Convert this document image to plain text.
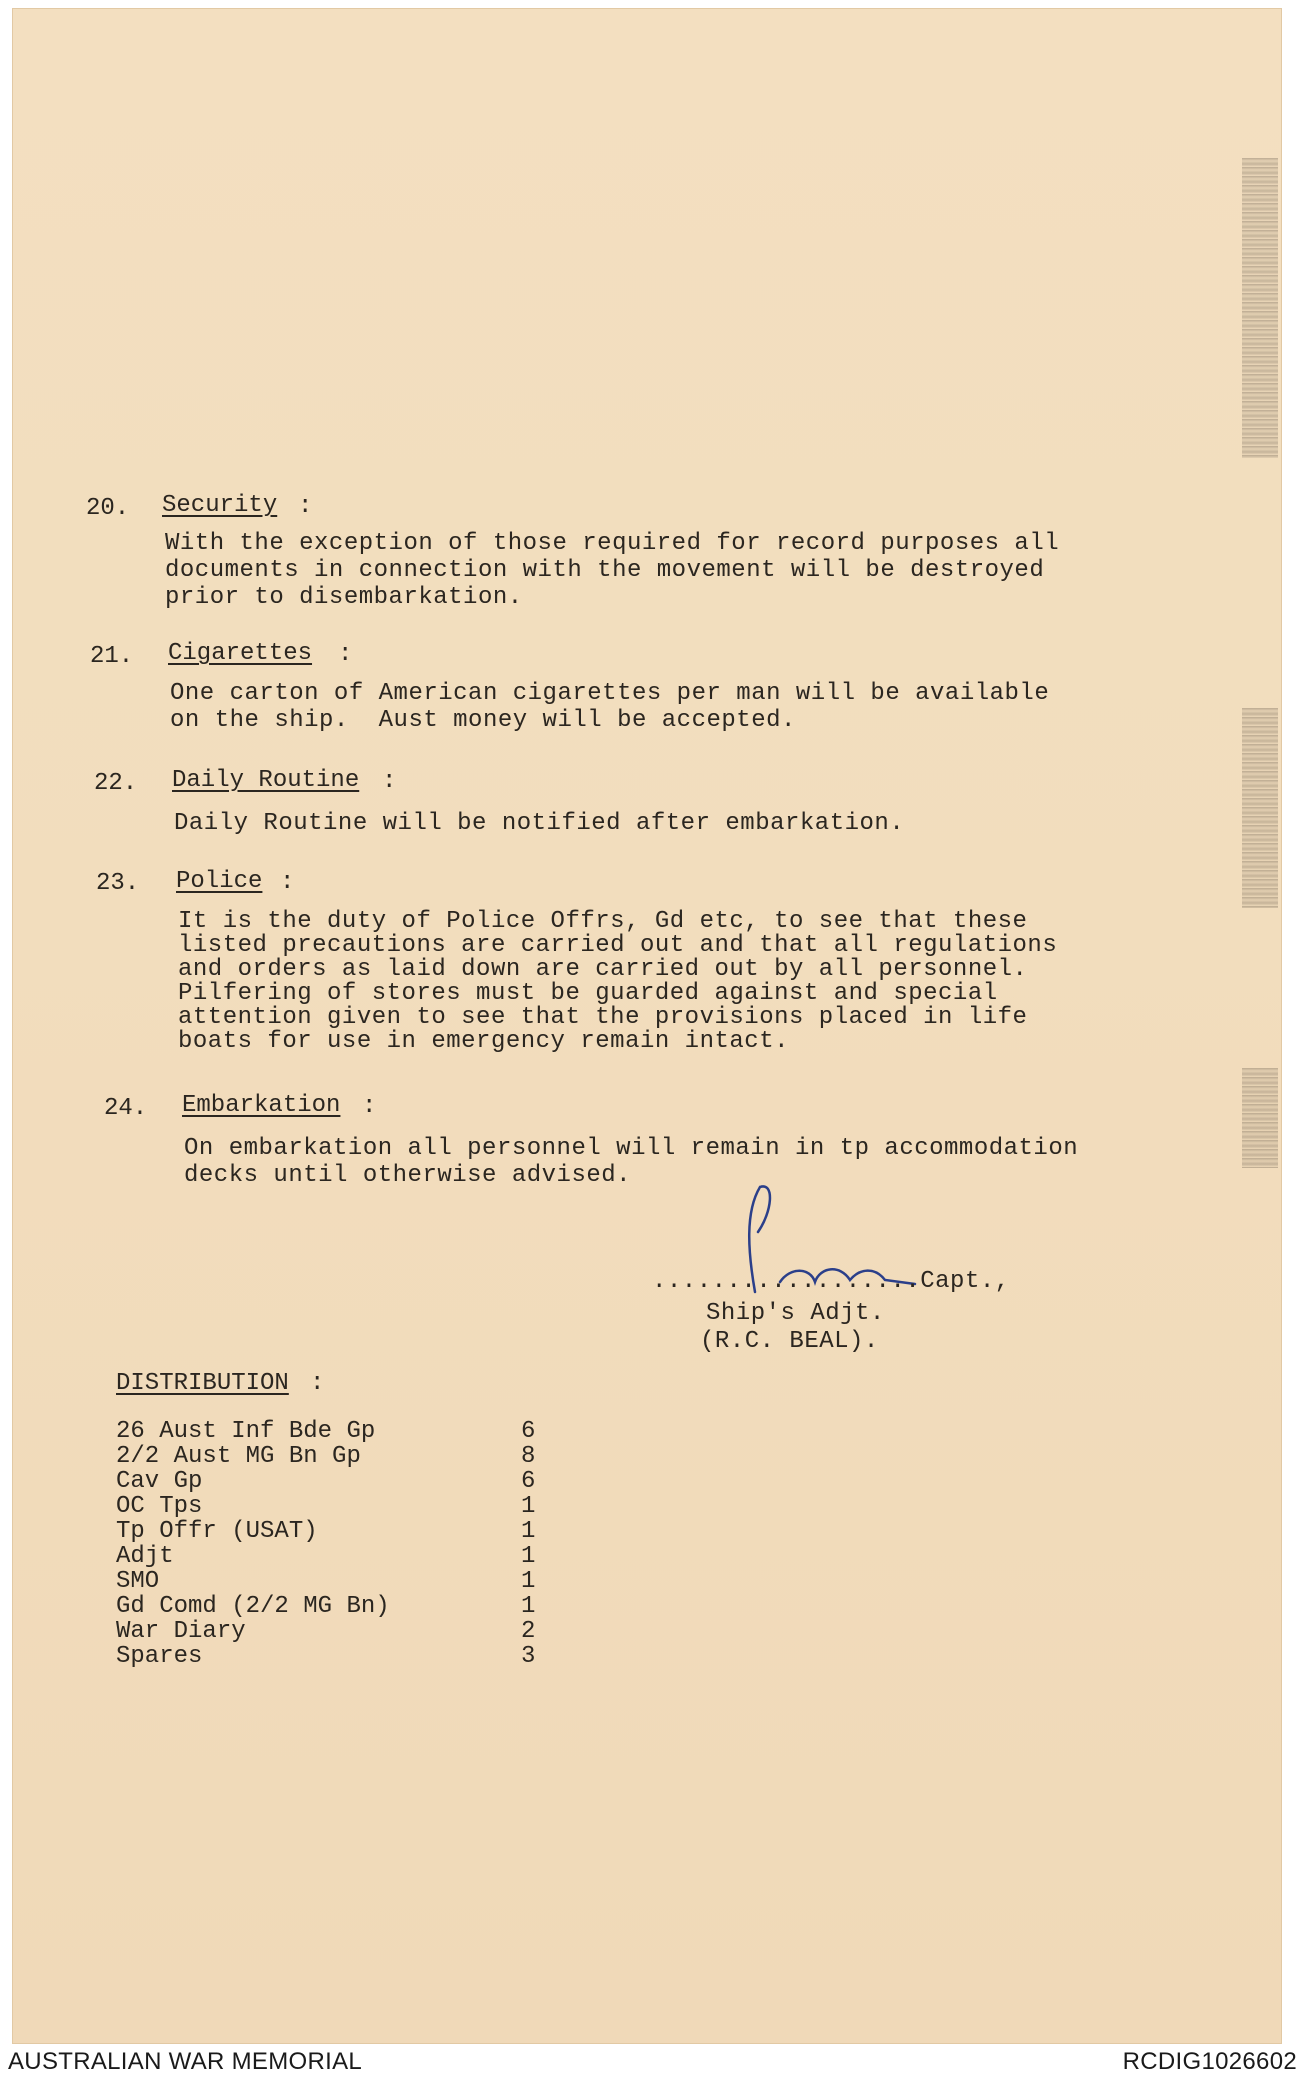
20. Security :
With the exception of those required for record purposes all
documents in connection with the movement will be destroyed
prior to disembarkation.
21. Cigarettes :
One carton of American cigarettes per man will be available
on the ship.  Aust money will be accepted.
22. Daily Routine :
Daily Routine will be notified after embarkation.
23. Police :
It is the duty of Police Offrs, Gd etc, to see that these
listed precautions are carried out and that all regulations
and orders as laid down are carried out by all personnel.
Pilfering of stores must be guarded against and special
attention given to see that the provisions placed in life
boats for use in emergency remain intact.
24. Embarkation :
On embarkation all personnel will remain in tp accommodation
decks until otherwise advised.
..................Capt.,
Ship's Adjt.
(R.C. BEAL).
DISTRIBUTION :
26 Aust Inf Bde Gp	6
2/2 Aust MG Bn Gp	8
Cav Gp	6
OC Tps	1
Tp Offr (USAT)	1
Adjt	1
SMO	1
Gd Comd (2/2 MG Bn)	1
War Diary	2
Spares	3
AUSTRALIAN WAR MEMORIAL	RCDIG1026602
